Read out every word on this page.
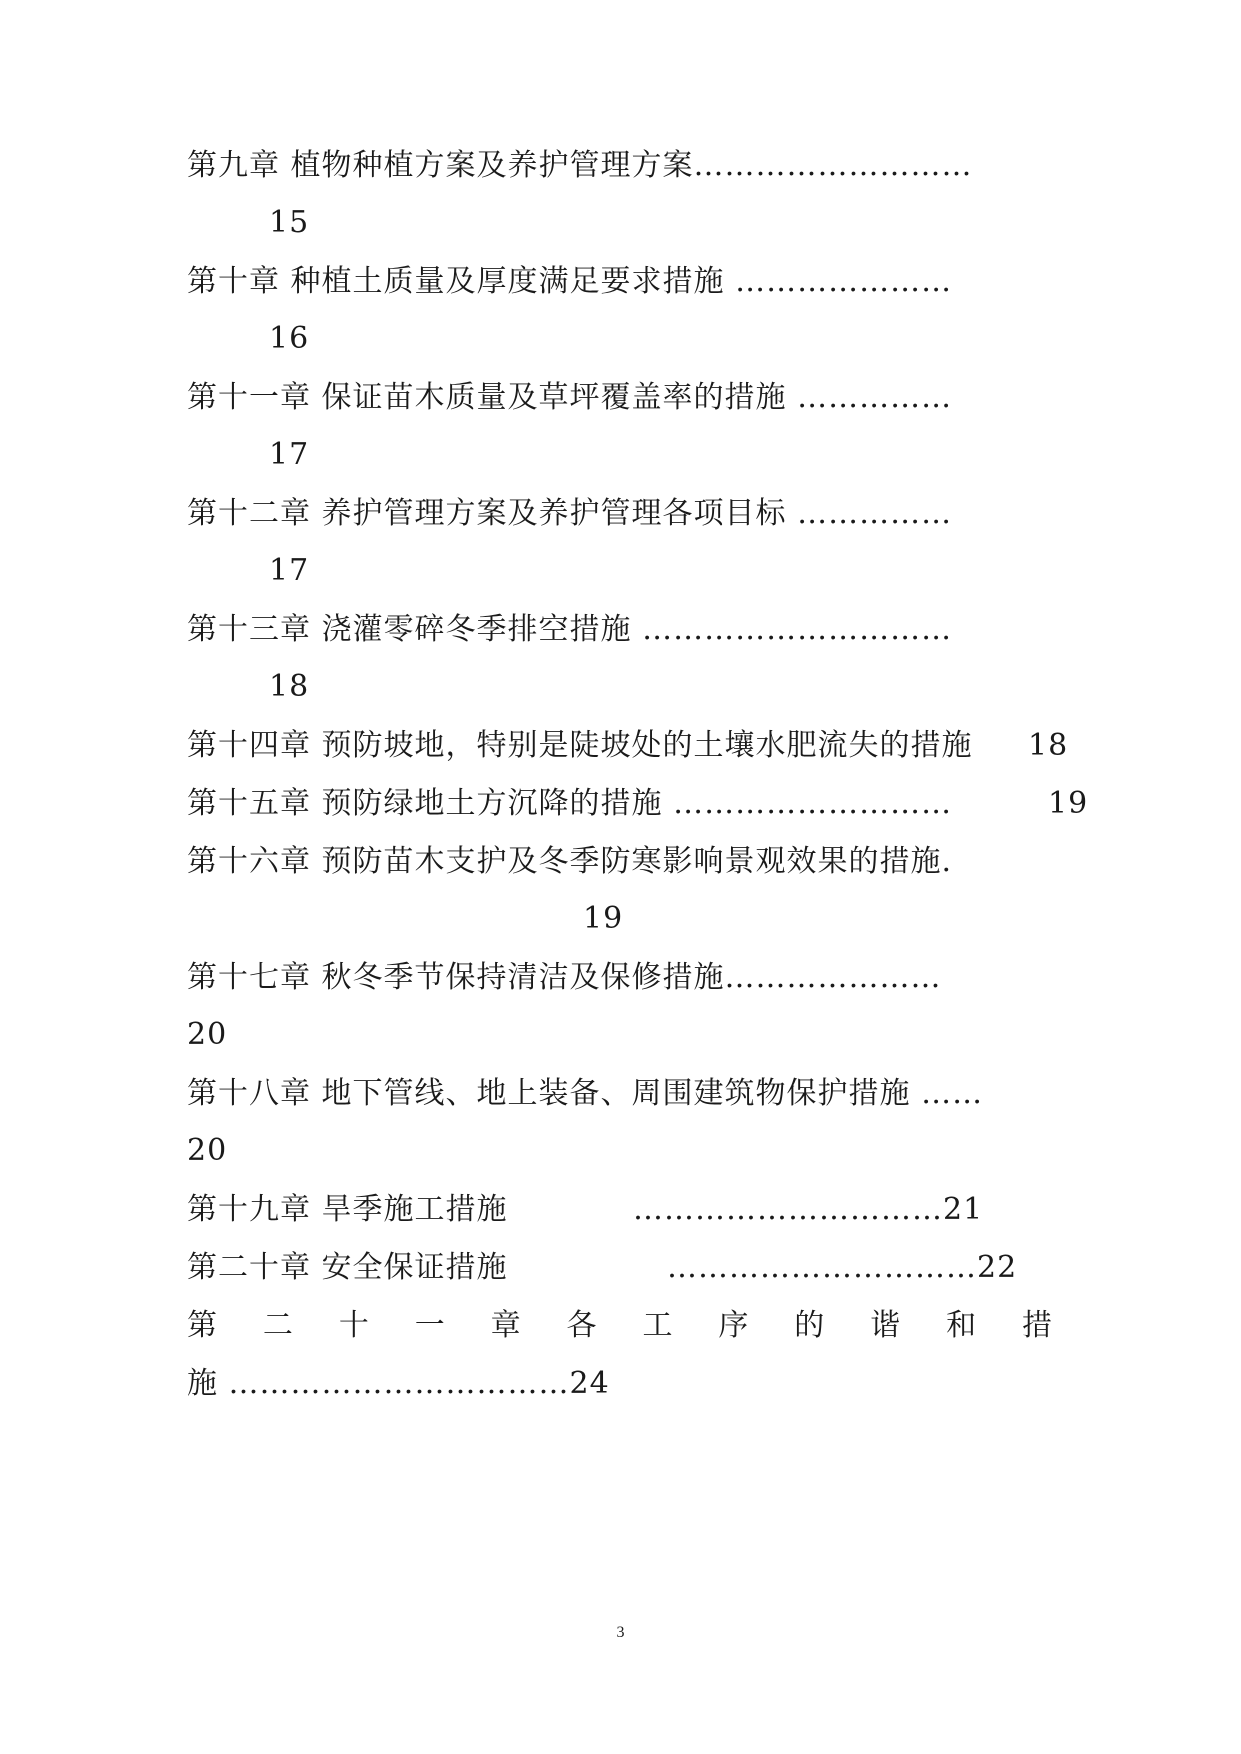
第九章 植物种植方案及养护管理方案………………………
15
第十章 种植土质量及厚度满足要求措施 …………………
16
第十一章 保证苗木质量及草坪覆盖率的措施 ……………
17
第十二章 养护管理方案及养护管理各项目标 ……………
17
第十三章 浇灌零碎冬季排空措施 …………………………
18
第十四章 预防坡地，特别是陡坡处的土壤水肥流失的措施 18
第十五章 预防绿地土方沉降的措施 ………………………	19
第十六章 预防苗木支护及冬季防寒影响景观效果的措施.
19
第十七章 秋冬季节保持清洁及保修措施…………………
20
第十八章 地下管线、地上装备、周围建筑物保护措施 ……
20
第十九章 旱季施工措施	…………………………21
第二十章 安全保证措施	…………………………22
第 二 十 一 章 各 工 序 的 谐 和 措
施 ……………………………24
3
